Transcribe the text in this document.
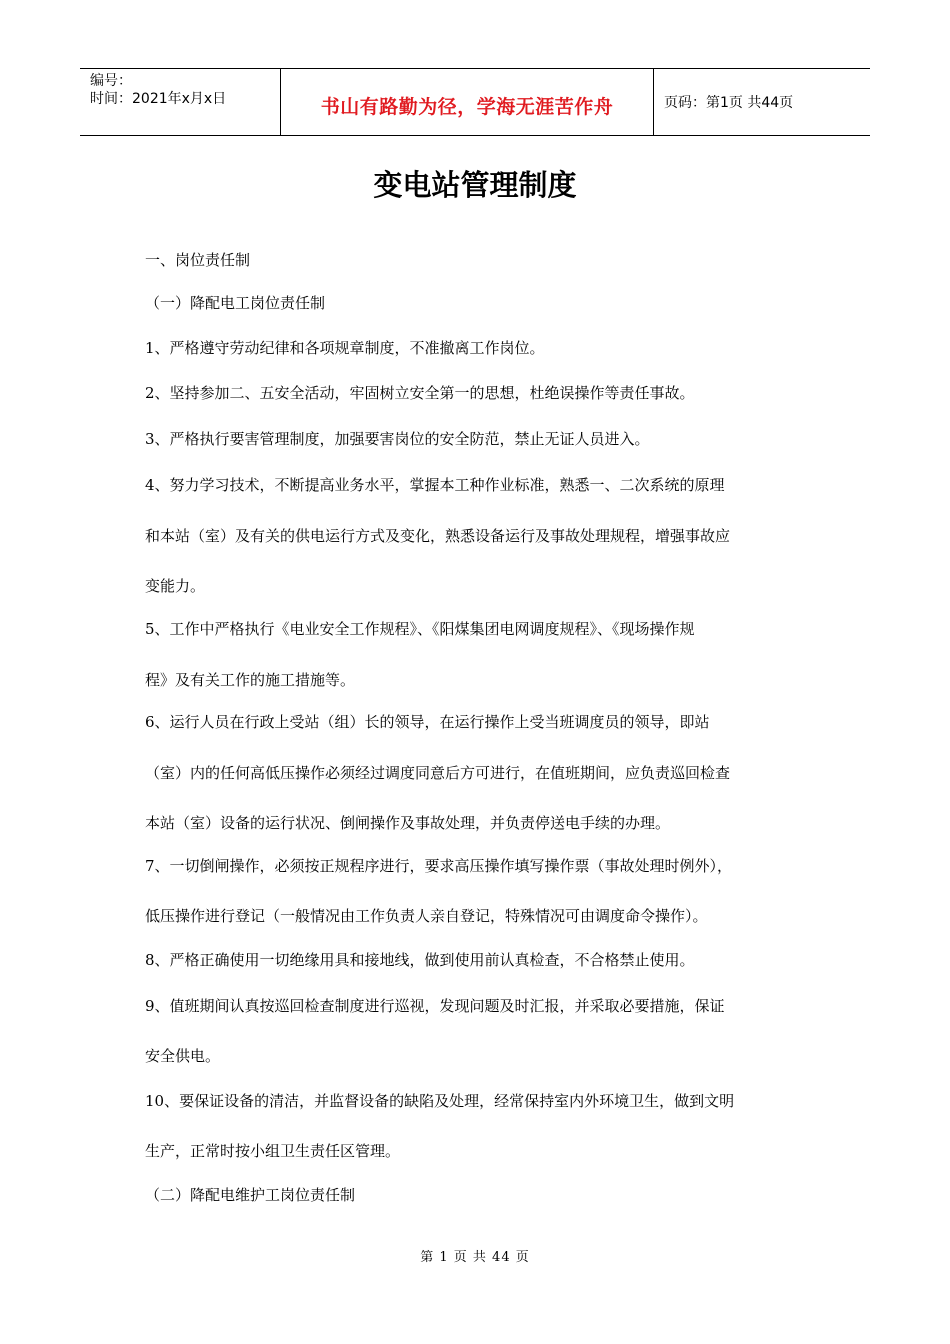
编号：
时间：2021年x月x日	书山有路勤为径，学海无涯苦作舟	页码：第1页 共44页
变电站管理制度
一、岗位责任制
（一）降配电工岗位责任制
1、严格遵守劳动纪律和各项规章制度，不准撤离工作岗位。
2、坚持参加二、五安全活动，牢固树立安全第一的思想，杜绝误操作等责任事故。
3、严格执行要害管理制度，加强要害岗位的安全防范，禁止无证人员进入。
4、努力学习技术，不断提高业务水平，掌握本工种作业标准，熟悉一、二次系统的原理
和本站（室）及有关的供电运行方式及变化，熟悉设备运行及事故处理规程，增强事故应
变能力。
5、工作中严格执行《电业安全工作规程》、《阳煤集团电网调度规程》、《现场操作规
程》及有关工作的施工措施等。
6、运行人员在行政上受站（组）长的领导，在运行操作上受当班调度员的领导，即站
（室）内的任何高低压操作必须经过调度同意后方可进行，在值班期间，应负责巡回检查
本站（室）设备的运行状况、倒闸操作及事故处理，并负责停送电手续的办理。
7、一切倒闸操作，必须按正规程序进行，要求高压操作填写操作票（事故处理时例外），
低压操作进行登记（一般情况由工作负责人亲自登记，特殊情况可由调度命令操作）。
8、严格正确使用一切绝缘用具和接地线，做到使用前认真检查，不合格禁止使用。
9、值班期间认真按巡回检查制度进行巡视，发现问题及时汇报，并采取必要措施，保证
安全供电。
10、要保证设备的清洁，并监督设备的缺陷及处理，经常保持室内外环境卫生，做到文明
生产，正常时按小组卫生责任区管理。
（二）降配电维护工岗位责任制
第 1 页 共 44 页
